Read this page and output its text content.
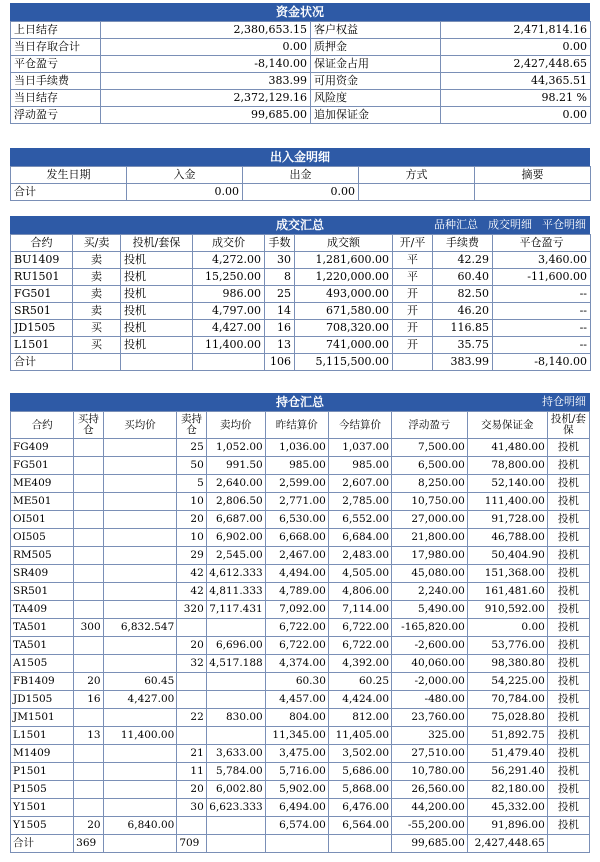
资金状况
上日结存	2,380,653.15	客户权益	2,471,814.16
当日存取合计	0.00	质押金	0.00
平仓盈亏	-8,140.00	保证金占用	2,427,448.65
当日手续费	383.99	可用资金	44,365.51
当日结存	2,372,129.16	风险度	98.21 %
浮动盈亏	99,685.00	追加保证金	0.00
出入金明细
发生日期	入金	出金	方式	摘要
合计	0.00	0.00		
成交汇总	品种汇总 成交明细 平仓明细
合约	买/卖	投机/套保	成交价	手数	成交额	开/平	手续费	平仓盈亏
BU1409	卖	投机	4,272.00	30	1,281,600.00	平	42.29	3,460.00
RU1501	卖	投机	15,250.00	8	1,220,000.00	平	60.40	-11,600.00
FG501	卖	投机	986.00	25	493,000.00	开	82.50	--
SR501	卖	投机	4,797.00	14	671,580.00	开	46.20	--
JD1505	买	投机	4,427.00	16	708,320.00	开	116.85	--
L1501	买	投机	11,400.00	13	741,000.00	开	35.75	--
合计				106	5,115,500.00		383.99	-8,140.00
持仓汇总	持仓明细
合约	买持仓	买均价	卖持仓	卖均价	昨结算价	今结算价	浮动盈亏	交易保证金	投机/套保
FG409			25	1,052.00	1,036.00	1,037.00	7,500.00	41,480.00	投机
FG501			50	991.50	985.00	985.00	6,500.00	78,800.00	投机
ME409			5	2,640.00	2,599.00	2,607.00	8,250.00	52,140.00	投机
ME501			10	2,806.50	2,771.00	2,785.00	10,750.00	111,400.00	投机
OI501			20	6,687.00	6,530.00	6,552.00	27,000.00	91,728.00	投机
OI505			10	6,902.00	6,668.00	6,684.00	21,800.00	46,788.00	投机
RM505			29	2,545.00	2,467.00	2,483.00	17,980.00	50,404.90	投机
SR409			42	4,612.333	4,494.00	4,505.00	45,080.00	151,368.00	投机
SR501			42	4,811.333	4,789.00	4,806.00	2,240.00	161,481.60	投机
TA409			320	7,117.431	7,092.00	7,114.00	5,490.00	910,592.00	投机
TA501	300	6,832.547			6,722.00	6,722.00	-165,820.00	0.00	投机
TA501			20	6,696.00	6,722.00	6,722.00	-2,600.00	53,776.00	投机
A1505			32	4,517.188	4,374.00	4,392.00	40,060.00	98,380.80	投机
FB1409	20	60.45			60.30	60.25	-2,000.00	54,225.00	投机
JD1505	16	4,427.00			4,457.00	4,424.00	-480.00	70,784.00	投机
JM1501			22	830.00	804.00	812.00	23,760.00	75,028.80	投机
L1501	13	11,400.00			11,345.00	11,405.00	325.00	51,892.75	投机
M1409			21	3,633.00	3,475.00	3,502.00	27,510.00	51,479.40	投机
P1501			11	5,784.00	5,716.00	5,686.00	10,780.00	56,291.40	投机
P1505			20	6,002.80	5,902.00	5,868.00	26,560.00	82,180.00	投机
Y1501			30	6,623.333	6,494.00	6,476.00	44,200.00	45,332.00	投机
Y1505	20	6,840.00			6,574.00	6,564.00	-55,200.00	91,896.00	投机
合计	369		709				99,685.00	2,427,448.65	
